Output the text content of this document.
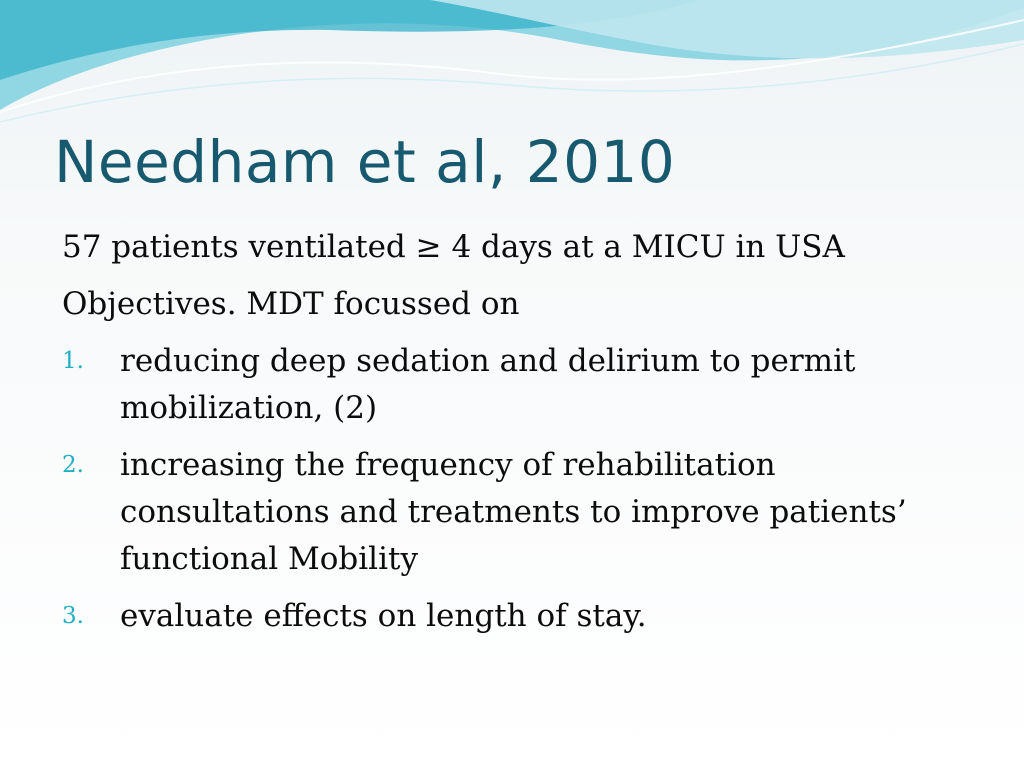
Needham et al, 2010

57 patients ventilated ≥ 4 days at a MICU in USA

Objectives. MDT focussed on

1. reducing deep sedation and delirium to permit mobilization, (2)
2. increasing the frequency of rehabilitation consultations and treatments to improve patients’ functional Mobility
3. evaluate effects on length of stay.
